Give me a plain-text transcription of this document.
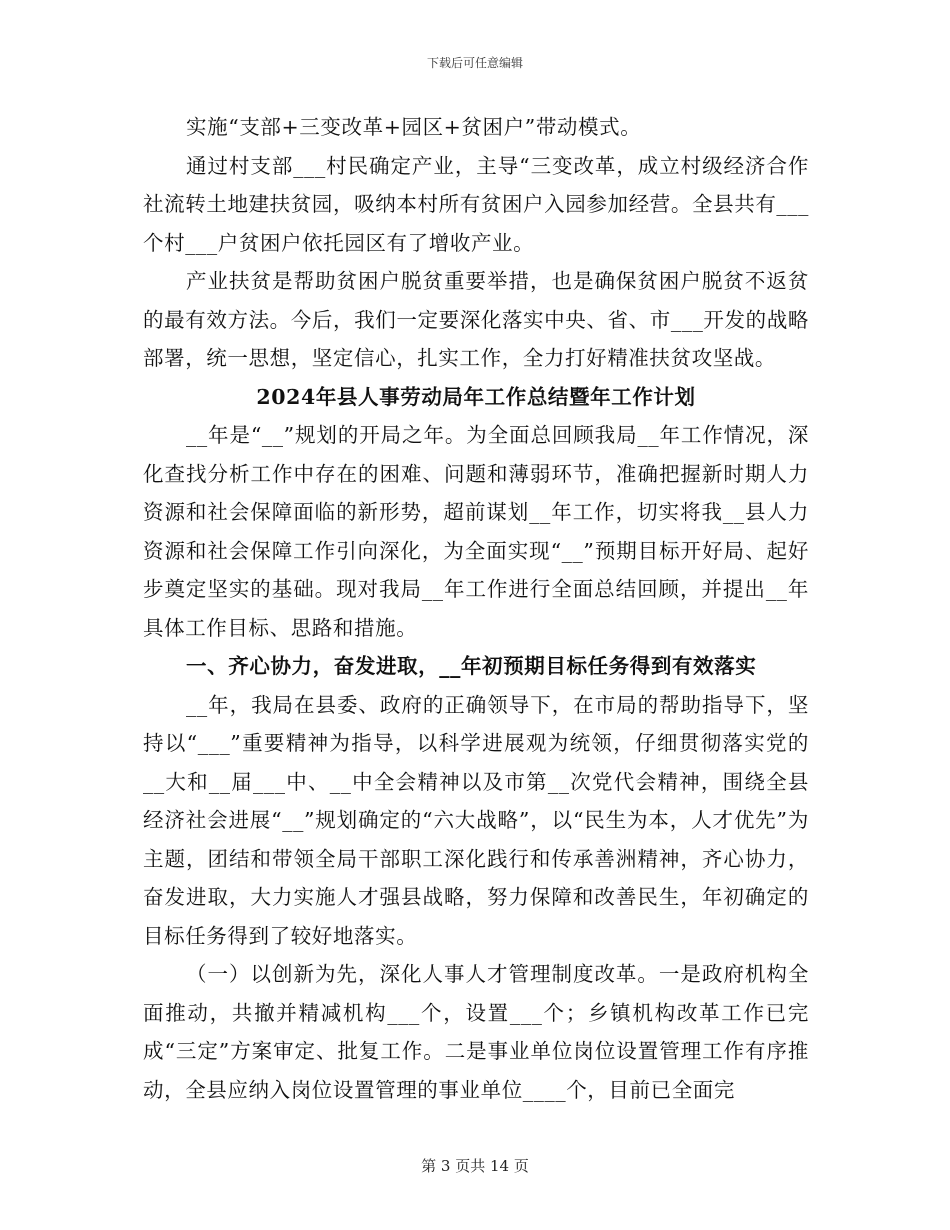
下载后可任意编辑

实施“支部+三变改革+园区+贫困户”带动模式。

通过村支部___村民确定产业，主导“三变改革，成立村级经济合作社流转土地建扶贫园，吸纳本村所有贫困户入园参加经营。全县共有___个村___户贫困户依托园区有了增收产业。

产业扶贫是帮助贫困户脱贫重要举措，也是确保贫困户脱贫不返贫的最有效方法。今后，我们一定要深化落实中央、省、市___开发的战略部署，统一思想，坚定信心，扎实工作，全力打好精准扶贫攻坚战。

2024年县人事劳动局年工作总结暨年工作计划

__年是“__”规划的开局之年。为全面总回顾我局__年工作情况，深化查找分析工作中存在的困难、问题和薄弱环节，准确把握新时期人力资源和社会保障面临的新形势，超前谋划__年工作，切实将我__县人力资源和社会保障工作引向深化，为全面实现“__”预期目标开好局、起好步奠定坚实的基础。现对我局__年工作进行全面总结回顾，并提出__年具体工作目标、思路和措施。

一、齐心协力，奋发进取，__年初预期目标任务得到有效落实

__年，我局在县委、政府的正确领导下，在市局的帮助指导下，坚持以“___”重要精神为指导，以科学进展观为统领，仔细贯彻落实党的__大和__届___中、__中全会精神以及市第__次党代会精神，围绕全县经济社会进展“__”规划确定的“六大战略”，以“民生为本，人才优先”为主题，团结和带领全局干部职工深化践行和传承善洲精神，齐心协力，奋发进取，大力实施人才强县战略，努力保障和改善民生，年初确定的目标任务得到了较好地落实。

（一）以创新为先，深化人事人才管理制度改革。一是政府机构全面推动，共撤并精减机构___个，设置___个；乡镇机构改革工作已完成“三定”方案审定、批复工作。二是事业单位岗位设置管理工作有序推动，全县应纳入岗位设置管理的事业单位____个，目前已全面完

第 3 页共 14 页
